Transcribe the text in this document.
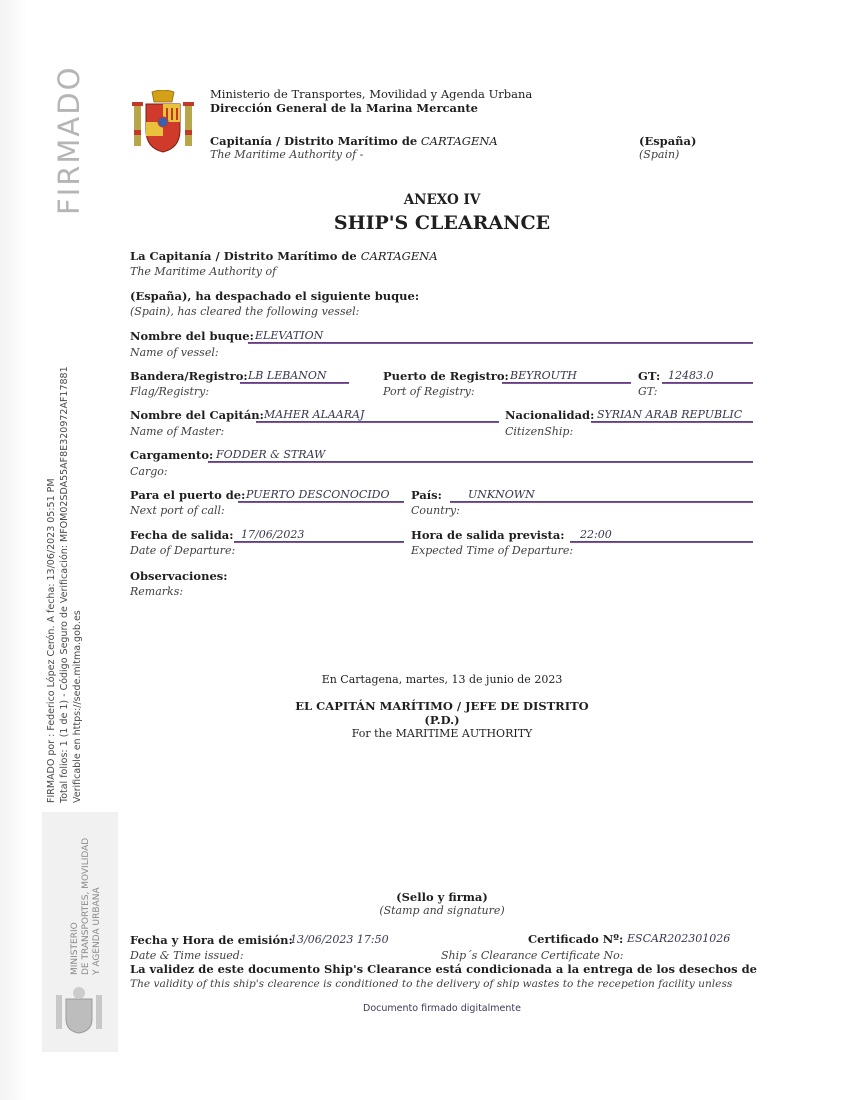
FIRMADO
FIRMADO por : Federico López Cerón. A fecha: 13/06/2023 05:51 PM Total folios: 1 (1 de 1) - Código Seguro de Verificación: MFOM02SDA55AF8E320972AF17881 Verificable en https://sede.mitma.gob.es
MINISTERIO DE TRANSPORTES, MOVILIDAD Y AGENDA URBANA
Ministerio de Transportes, Movilidad y Agenda Urbana
Dirección General de la Marina Mercante
Capitanía / Distrito Marítimo de CARTAGENA
The Maritime Authority of -
(España)
(Spain)
ANEXO IV
SHIP'S CLEARANCE
La Capitanía / Distrito Marítimo de CARTAGENA
The Maritime Authority of
(España), ha despachado el siguiente buque:
(Spain), has cleared the following vessel:
Nombre del buque: ELEVATION
Name of vessel:
Bandera/Registro: LB LEBANON
Flag/Registry:
Puerto de Registro: BEYROUTH
Port of Registry:
GT: 12483.0
GT:
Nombre del Capitán: MAHER ALAARAJ
Name of Master:
Nacionalidad: SYRIAN ARAB REPUBLIC
CitizenShip:
Cargamento: FODDER & STRAW
Cargo:
Para el puerto de: PUERTO DESCONOCIDO
Next port of call:
País: UNKNOWN
Country:
Fecha de salida: 17/06/2023
Date of Departure:
Hora de salida prevista: 22:00
Expected Time of Departure:
Observaciones:
Remarks:
En Cartagena, martes, 13 de junio de 2023
EL CAPITÁN MARÍTIMO / JEFE DE DISTRITO
(P.D.)
For the MARITIME AUTHORITY
(Sello y firma)
(Stamp and signature)
Fecha y Hora de emisión:
13/06/2023 17:50
Date & Time issued:
Certificado Nº: ESCAR202301026
Ship´s Clearance Certificate No:
La validez de este documento Ship's Clearance está condicionada a la entrega de los desechos de
The validity of this ship's clearence is conditioned to the delivery of ship wastes to the recepetion facility unless
Documento firmado digitalmente
